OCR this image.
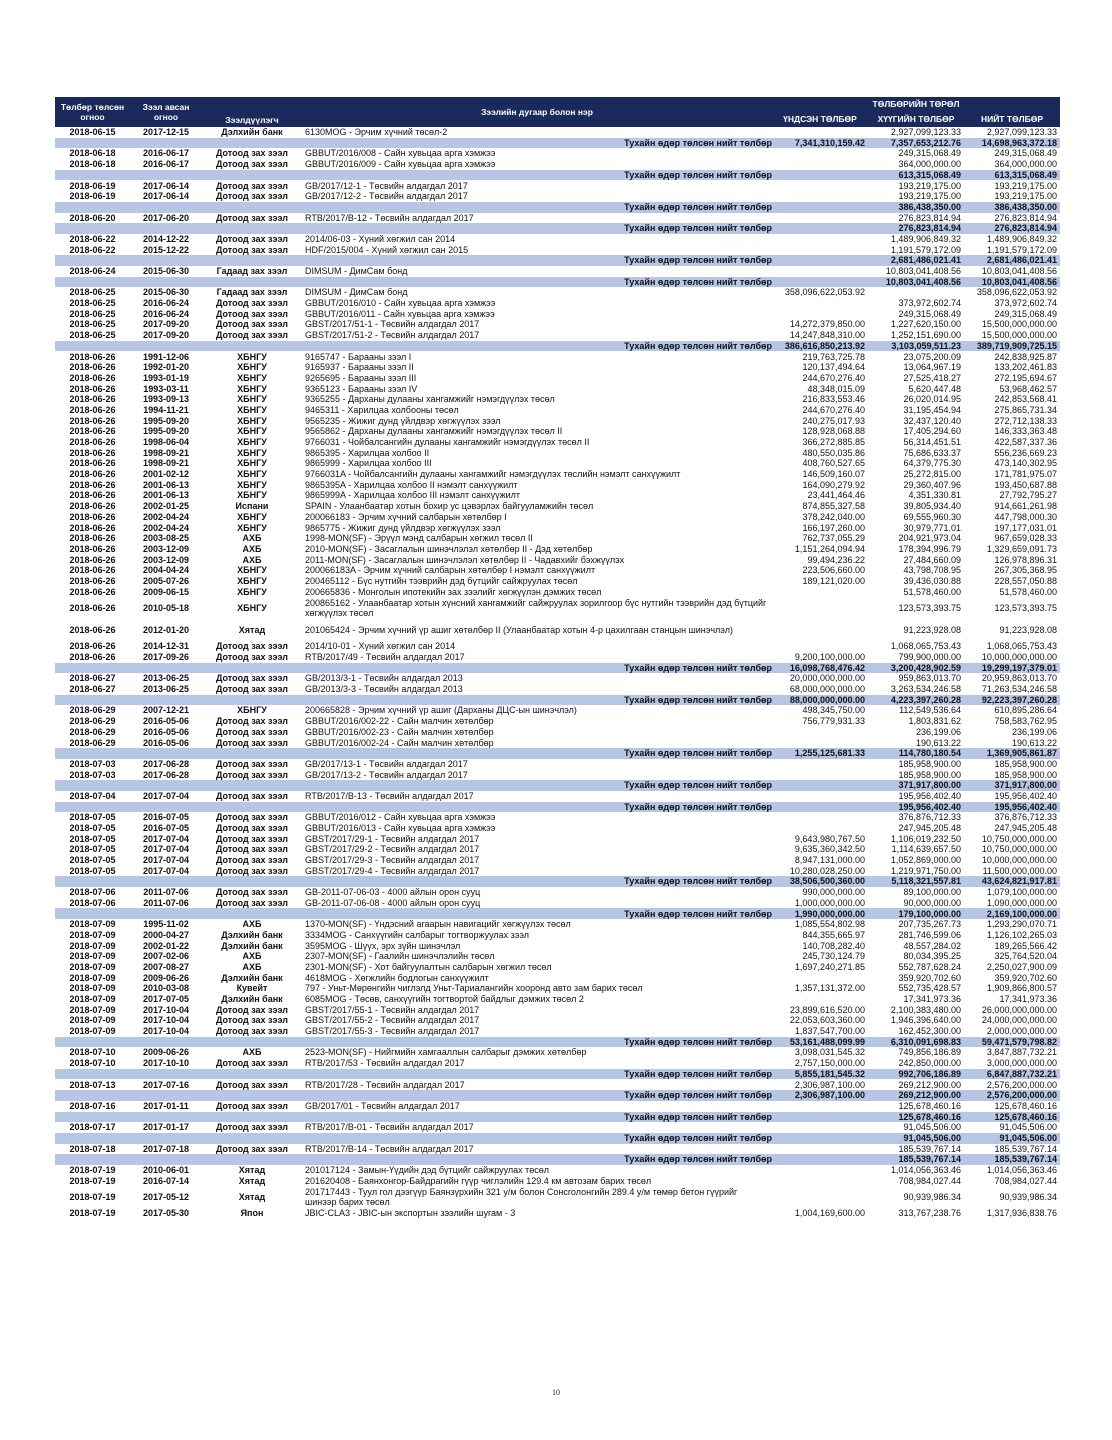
Төлбөр төлсөн огноо	Зээл авсан огноо	Зээлдүүлэгч	Зээлийн дугаар болон нэр		ТӨЛБӨРИЙН ТӨРӨЛ	
				ҮНДСЭН ТӨЛБӨР	ХҮҮГИЙН ТӨЛБӨР	НИЙТ ТӨЛБӨР
2018-06-15	2017-12-15	Дэлхийн банк	6130MOG - Эрчим хүчний төсөл-2		2,927,099,123.33	2,927,099,123.33
Тухайн өдөр төлсөн нийт төлбөр				7,341,310,159.42	7,357,653,212.76	14,698,963,372.18
2018-06-18	2016-06-17	Дотоод зах зээл	GBBUT/2016/008 - Сайн хувьцаа арга хэмжээ		249,315,068.49	249,315,068.49
2018-06-18	2016-06-17	Дотоод зах зээл	GBBUT/2016/009 - Сайн хувьцаа арга хэмжээ		364,000,000.00	364,000,000.00
Тухайн өдөр төлсөн нийт төлбөр					613,315,068.49	613,315,068.49
2018-06-19	2017-06-14	Дотоод зах зээл	GB/2017/12-1 - Төсвийн алдагдал 2017		193,219,175.00	193,219,175.00
2018-06-19	2017-06-14	Дотоод зах зээл	GB/2017/12-2 - Төсвийн алдагдал 2017		193,219,175.00	193,219,175.00
Тухайн өдөр төлсөн нийт төлбөр					386,438,350.00	386,438,350.00
2018-06-20	2017-06-20	Дотоод зах зээл	RTB/2017/B-12 - Төсвийн алдагдал 2017		276,823,814.94	276,823,814.94
Тухайн өдөр төлсөн нийт төлбөр					276,823,814.94	276,823,814.94
2018-06-22	2014-12-22	Дотоод зах зээл	2014/06-03 - Хүний хөгжил сан 2014		1,489,906,849.32	1,489,906,849.32
2018-06-22	2015-12-22	Дотоод зах зээл	HDF/2015/004 - Хүний хөгжил сан 2015		1,191,579,172.09	1,191,579,172.09
Тухайн өдөр төлсөн нийт төлбөр					2,681,486,021.41	2,681,486,021.41
2018-06-24	2015-06-30	Гадаад зах зээл	DIMSUM - ДимСам бонд		10,803,041,408.56	10,803,041,408.56
Тухайн өдөр төлсөн нийт төлбөр					10,803,041,408.56	10,803,041,408.56
2018-06-25	2015-06-30	Гадаад зах зээл	DIMSUM - ДимСам бонд	358,096,622,053.92		358,096,622,053.92
2018-06-25	2016-06-24	Дотоод зах зээл	GBBUT/2016/010 - Сайн хувьцаа арга хэмжээ		373,972,602.74	373,972,602.74
2018-06-25	2016-06-24	Дотоод зах зээл	GBBUT/2016/011 - Сайн хувьцаа арга хэмжээ		249,315,068.49	249,315,068.49
2018-06-25	2017-09-20	Дотоод зах зээл	GBST/2017/51-1 - Төсвийн алдагдал 2017	14,272,379,850.00	1,227,620,150.00	15,500,000,000.00
2018-06-25	2017-09-20	Дотоод зах зээл	GBST/2017/51-2 - Төсвийн алдагдал 2017	14,247,848,310.00	1,252,151,690.00	15,500,000,000.00
Тухайн өдөр төлсөн нийт төлбөр				386,616,850,213.92	3,103,059,511.23	389,719,909,725.15
2018-06-26	1991-12-06	ХБНГУ	9165747 - Барааны зээл I	219,763,725.78	23,075,200.09	242,838,925.87
2018-06-26	1992-01-20	ХБНГУ	9165937 - Барааны зээл II	120,137,494.64	13,064,967.19	133,202,461.83
2018-06-26	1993-01-19	ХБНГУ	9265695 - Барааны зээл III	244,670,276.40	27,525,418.27	272,195,694.67
2018-06-26	1993-03-11	ХБНГУ	9365123 - Барааны зээл IV	48,348,015.09	5,620,447.48	53,968,462.57
2018-06-26	1993-09-13	ХБНГУ	9365255 - Дарханы дулааны хангамжийг нэмэгдүүлэх төсөл	216,833,553.46	26,020,014.95	242,853,568.41
2018-06-26	1994-11-21	ХБНГУ	9465311 - Харилцаа холбооны төсөл	244,670,276.40	31,195,454.94	275,865,731.34
2018-06-26	1995-09-20	ХБНГУ	9565235 - Жижиг дунд үйлдвэр хөгжүүлэх зээл	240,275,017.93	32,437,120.40	272,712,138.33
2018-06-26	1995-09-20	ХБНГУ	9565862 - Дарханы дулааны хангамжийг нэмэгдүүлэх төсөл II	128,928,068.88	17,405,294.60	146,333,363.48
2018-06-26	1998-06-04	ХБНГУ	9766031 - Чойбалсангийн дулааны хангамжийг нэмэгдүүлэх төсөл II	366,272,885.85	56,314,451.51	422,587,337.36
2018-06-26	1998-09-21	ХБНГУ	9865395 - Харилцаа холбоо II	480,550,035.86	75,686,633.37	556,236,669.23
2018-06-26	1998-09-21	ХБНГУ	9865999 - Харилцаа холбоо III	408,760,527.65	64,379,775.30	473,140,302.95
2018-06-26	2001-02-12	ХБНГУ	9766031A - Чойбалсангийн дулааны хангамжийг нэмэгдүүлэх төслийн нэмэлт санхүүжилт	146,509,160.07	25,272,815.00	171,781,975.07
2018-06-26	2001-06-13	ХБНГУ	9865395A - Харилцаа холбоо II нэмэлт санхүүжилт	164,090,279.92	29,360,407.96	193,450,687.88
2018-06-26	2001-06-13	ХБНГУ	9865999A - Харилцаа холбоо III нэмэлт санхүүжилт	23,441,464.46	4,351,330.81	27,792,795.27
2018-06-26	2002-01-25	Испани	SPAIN - Улаанбаатар хотын бохир ус цэвэрлэх байгууламжийн төсөл	874,855,327.58	39,805,934.40	914,661,261.98
2018-06-26	2002-04-24	ХБНГУ	200066183 - Эрчим хүчний салбарын хөтөлбөр I	378,242,040.00	69,555,960.30	447,798,000.30
2018-06-26	2002-04-24	ХБНГУ	9865775 - Жижиг дунд үйлдвэр хөгжүүлэх зээл	166,197,260.00	30,979,771.01	197,177,031.01
2018-06-26	2003-08-25	АХБ	1998-MON(SF) - Эрүүл мэнд салбарын хөгжил төсөл II	762,737,055.29	204,921,973.04	967,659,028.33
2018-06-26	2003-12-09	АХБ	2010-MON(SF) - Засаглалын шинэчлэлэл хөтөлбөр II - Дэд хөтөлбөр	1,151,264,094.94	178,394,996.79	1,329,659,091.73
2018-06-26	2003-12-09	АХБ	2011-MON(SF) - Засаглалын шинэчлэлэл хөтөлбөр II - Чадавхийг бэхжүүлэх	99,494,236.22	27,484,660.09	126,978,896.31
2018-06-26	2004-04-24	ХБНГУ	200066183A - Эрчим хүчний салбарын хөтөлбөр I нэмэлт санхүүжилт	223,506,660.00	43,798,708.95	267,305,368.95
2018-06-26	2005-07-26	ХБНГУ	200465112 - Бүс нутгийн тээврийн дэд бүтцийг сайжруулах төсөл	189,121,020.00	39,436,030.88	228,557,050.88
2018-06-26	2009-06-15	ХБНГУ	200665836 - Монголын ипотекийн зах зээлийг хөгжүүлэн дэмжих төсөл		51,578,460.00	51,578,460.00
2018-06-26	2010-05-18	ХБНГУ	200865162 - Улаанбаатар хотын хүнсний хангамжийг сайжруулах зорилгоор бүс нутгийн тээврийн дэд бүтцийг хөгжүүлэх төсөл		123,573,393.75	123,573,393.75
2018-06-26	2012-01-20	Хятад	201065424 - Эрчим хүчний үр ашиг хөтөлбөр II (Улаанбаатар хотын 4-р цахилгаан станцын шинэчлэл)		91,223,928.08	91,223,928.08
2018-06-26	2014-12-31	Дотоод зах зээл	2014/10-01 - Хүний хөгжил сан 2014		1,068,065,753.43	1,068,065,753.43
2018-06-26	2017-09-26	Дотоод зах зээл	RTB/2017/49 - Төсвийн алдагдал 2017	9,200,100,000.00	799,900,000.00	10,000,000,000.00
Тухайн өдөр төлсөн нийт төлбөр				16,098,768,476.42	3,200,428,902.59	19,299,197,379.01
2018-06-27	2013-06-25	Дотоод зах зээл	GB/2013/3-1 - Төсвийн алдагдал 2013	20,000,000,000.00	959,863,013.70	20,959,863,013.70
2018-06-27	2013-06-25	Дотоод зах зээл	GB/2013/3-3 - Төсвийн алдагдал 2013	68,000,000,000.00	3,263,534,246.58	71,263,534,246.58
Тухайн өдөр төлсөн нийт төлбөр				88,000,000,000.00	4,223,397,260.28	92,223,397,260.28
2018-06-29	2007-12-21	ХБНГУ	200665828 - Эрчим хүчний үр ашиг (Дарханы ДЦС-ын шинэчлэл)	498,345,750.00	112,549,536.64	610,895,286.64
2018-06-29	2016-05-06	Дотоод зах зээл	GBBUT/2016/002-22 - Сайн малчин хөтөлбөр	756,779,931.33	1,803,831.62	758,583,762.95
2018-06-29	2016-05-06	Дотоод зах зээл	GBBUT/2016/002-23 - Сайн малчин хөтөлбөр		236,199.06	236,199.06
2018-06-29	2016-05-06	Дотоод зах зээл	GBBUT/2016/002-24 - Сайн малчин хөтөлбөр		190,613.22	190,613.22
Тухайн өдөр төлсөн нийт төлбөр				1,255,125,681.33	114,780,180.54	1,369,905,861.87
2018-07-03	2017-06-28	Дотоод зах зээл	GB/2017/13-1 - Төсвийн алдагдал 2017		185,958,900.00	185,958,900.00
2018-07-03	2017-06-28	Дотоод зах зээл	GB/2017/13-2 - Төсвийн алдагдал 2017		185,958,900.00	185,958,900.00
Тухайн өдөр төлсөн нийт төлбөр					371,917,800.00	371,917,800.00
2018-07-04	2017-07-04	Дотоод зах зээл	RTB/2017/B-13 - Төсвийн алдагдал 2017		195,956,402.40	195,956,402.40
Тухайн өдөр төлсөн нийт төлбөр					195,956,402.40	195,956,402.40
2018-07-05	2016-07-05	Дотоод зах зээл	GBBUT/2016/012 - Сайн хувьцаа арга хэмжээ		376,876,712.33	376,876,712.33
2018-07-05	2016-07-05	Дотоод зах зээл	GBBUT/2016/013 - Сайн хувьцаа арга хэмжээ		247,945,205.48	247,945,205.48
2018-07-05	2017-07-04	Дотоод зах зээл	GBST/2017/29-1 - Төсвийн алдагдал 2017	9,643,980,767.50	1,106,019,232.50	10,750,000,000.00
2018-07-05	2017-07-04	Дотоод зах зээл	GBST/2017/29-2 - Төсвийн алдагдал 2017	9,635,360,342.50	1,114,639,657.50	10,750,000,000.00
2018-07-05	2017-07-04	Дотоод зах зээл	GBST/2017/29-3 - Төсвийн алдагдал 2017	8,947,131,000.00	1,052,869,000.00	10,000,000,000.00
2018-07-05	2017-07-04	Дотоод зах зээл	GBST/2017/29-4 - Төсвийн алдагдал 2017	10,280,028,250.00	1,219,971,750.00	11,500,000,000.00
Тухайн өдөр төлсөн нийт төлбөр				38,506,500,360.00	5,118,321,557.81	43,624,821,917.81
2018-07-06	2011-07-06	Дотоод зах зээл	GB-2011-07-06-03 - 4000 айлын орон сууц	990,000,000.00	89,100,000.00	1,079,100,000.00
2018-07-06	2011-07-06	Дотоод зах зээл	GB-2011-07-06-08 - 4000 айлын орон сууц	1,000,000,000.00	90,000,000.00	1,090,000,000.00
Тухайн өдөр төлсөн нийт төлбөр				1,990,000,000.00	179,100,000.00	2,169,100,000.00
2018-07-09	1995-11-02	АХБ	1370-MON(SF) - Үндэсний агаарын навигацийг хөгжүүлэх төсөл	1,085,554,802.98	207,735,267.73	1,293,290,070.71
2018-07-09	2000-04-27	Дэлхийн банк	3334MOG - Санхүүгийн салбарыг тогтворжуулах зээл	844,355,665.97	281,746,599.06	1,126,102,265.03
2018-07-09	2002-01-22	Дэлхийн банк	3595MOG - Шүүх, эрх зүйн шинэчлэл	140,708,282.40	48,557,284.02	189,265,566.42
2018-07-09	2007-02-06	АХБ	2307-MON(SF) - Гаалийн шинэчлэлийн төсөл	245,730,124.79	80,034,395.25	325,764,520.04
2018-07-09	2007-08-27	АХБ	2301-MON(SF) - Хот байгуулалтын салбарын хөгжил төсөл	1,697,240,271.85	552,787,628.24	2,250,027,900.09
2018-07-09	2009-06-26	Дэлхийн банк	4618MOG - Хөгжлийн бодлогын санхүүжилт		359,920,702.60	359,920,702.60
2018-07-09	2010-03-08	Кувейт	797 - Уньт-Мөрөнгийн чиглэлд Уньт-Тариалангийн хооронд авто зам барих төсөл	1,357,131,372.00	552,735,428.57	1,909,866,800.57
2018-07-09	2017-07-05	Дэлхийн банк	6085MOG - Төсөв, санхүүгийн тогтвортой байдлыг дэмжих төсөл 2		17,341,973.36	17,341,973.36
2018-07-09	2017-10-04	Дотоод зах зээл	GBST/2017/55-1 - Төсвийн алдагдал 2017	23,899,616,520.00	2,100,383,480.00	26,000,000,000.00
2018-07-09	2017-10-04	Дотоод зах зээл	GBST/2017/55-2 - Төсвийн алдагдал 2017	22,053,603,360.00	1,946,396,640.00	24,000,000,000.00
2018-07-09	2017-10-04	Дотоод зах зээл	GBST/2017/55-3 - Төсвийн алдагдал 2017	1,837,547,700.00	162,452,300.00	2,000,000,000.00
Тухайн өдөр төлсөн нийт төлбөр				53,161,488,099.99	6,310,091,698.83	59,471,579,798.82
2018-07-10	2009-06-26	АХБ	2523-MON(SF) - Нийгмийн хамгааллын салбарыг дэмжих хөтөлбөр	3,098,031,545.32	749,856,186.89	3,847,887,732.21
2018-07-10	2017-10-10	Дотоод зах зээл	RTB/2017/53 - Төсвийн алдагдал 2017	2,757,150,000.00	242,850,000.00	3,000,000,000.00
Тухайн өдөр төлсөн нийт төлбөр				5,855,181,545.32	992,706,186.89	6,847,887,732.21
2018-07-13	2017-07-16	Дотоод зах зээл	RTB/2017/28 - Төсвийн алдагдал 2017	2,306,987,100.00	269,212,900.00	2,576,200,000.00
Тухайн өдөр төлсөн нийт төлбөр				2,306,987,100.00	269,212,900.00	2,576,200,000.00
2018-07-16	2017-01-11	Дотоод зах зээл	GB/2017/01 - Төсвийн алдагдал 2017		125,678,460.16	125,678,460.16
Тухайн өдөр төлсөн нийт төлбөр					125,678,460.16	125,678,460.16
2018-07-17	2017-01-17	Дотоод зах зээл	RTB/2017/B-01 - Төсвийн алдагдал 2017		91,045,506.00	91,045,506.00
Тухайн өдөр төлсөн нийт төлбөр					91,045,506.00	91,045,506.00
2018-07-18	2017-07-18	Дотоод зах зээл	RTB/2017/B-14 - Төсвийн алдагдал 2017		185,539,767.14	185,539,767.14
Тухайн өдөр төлсөн нийт төлбөр					185,539,767.14	185,539,767.14
2018-07-19	2010-06-01	Хятад	201017124 - Замын-Үүдийн дэд бүтцийг сайжруулах төсөл		1,014,056,363.46	1,014,056,363.46
2018-07-19	2016-07-14	Хятад	201620408 - Баянхонгор-Байдрагийн гүүр чиглэлийн 129.4 км автозам барих төсөл		708,984,027.44	708,984,027.44
2018-07-19	2017-05-12	Хятад	201717443 - Туул гол дээгүүр Баянзүрхийн 321 у/м болон Сонсголонгийн 289.4 у/м төмөр бетон гүүрийг шинээр барих төсөл		90,939,986.34	90,939,986.34
2018-07-19	2017-05-30	Япон	JBIC-CLA3 - JBIC-ын экспортын зээлийн шугам - 3	1,004,169,600.00	313,767,238.76	1,317,936,838.76
10
